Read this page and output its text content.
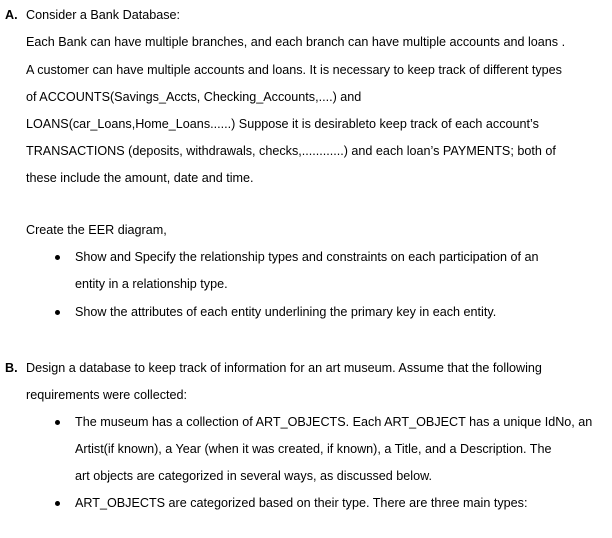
A. Consider a Bank Database:
Each Bank can have multiple branches, and each branch can have multiple accounts and loans .
A customer can have multiple accounts and loans. It is necessary to keep track of different types
of ACCOUNTS(Savings_Accts, Checking_Accounts,....) and
LOANS(car_Loans,Home_Loans......) Suppose it is desirableto keep track of each account’s
TRANSACTIONS (deposits, withdrawals, checks,............) and each loan’s PAYMENTS; both of
these include the amount, date and time.
Create the EER diagram,
Show and Specify the relationship types and constraints on each participation of an
entity in a relationship type.
Show the attributes of each entity underlining the primary key in each entity.
B. Design a database to keep track of information for an art museum. Assume that the following
requirements were collected:
The museum has a collection of ART_OBJECTS. Each ART_OBJECT has a unique IdNo, an
Artist(if known), a Year (when it was created, if known), a Title, and a Description. The
art objects are categorized in several ways, as discussed below.
ART_OBJECTS are categorized based on their type. There are three main types:
